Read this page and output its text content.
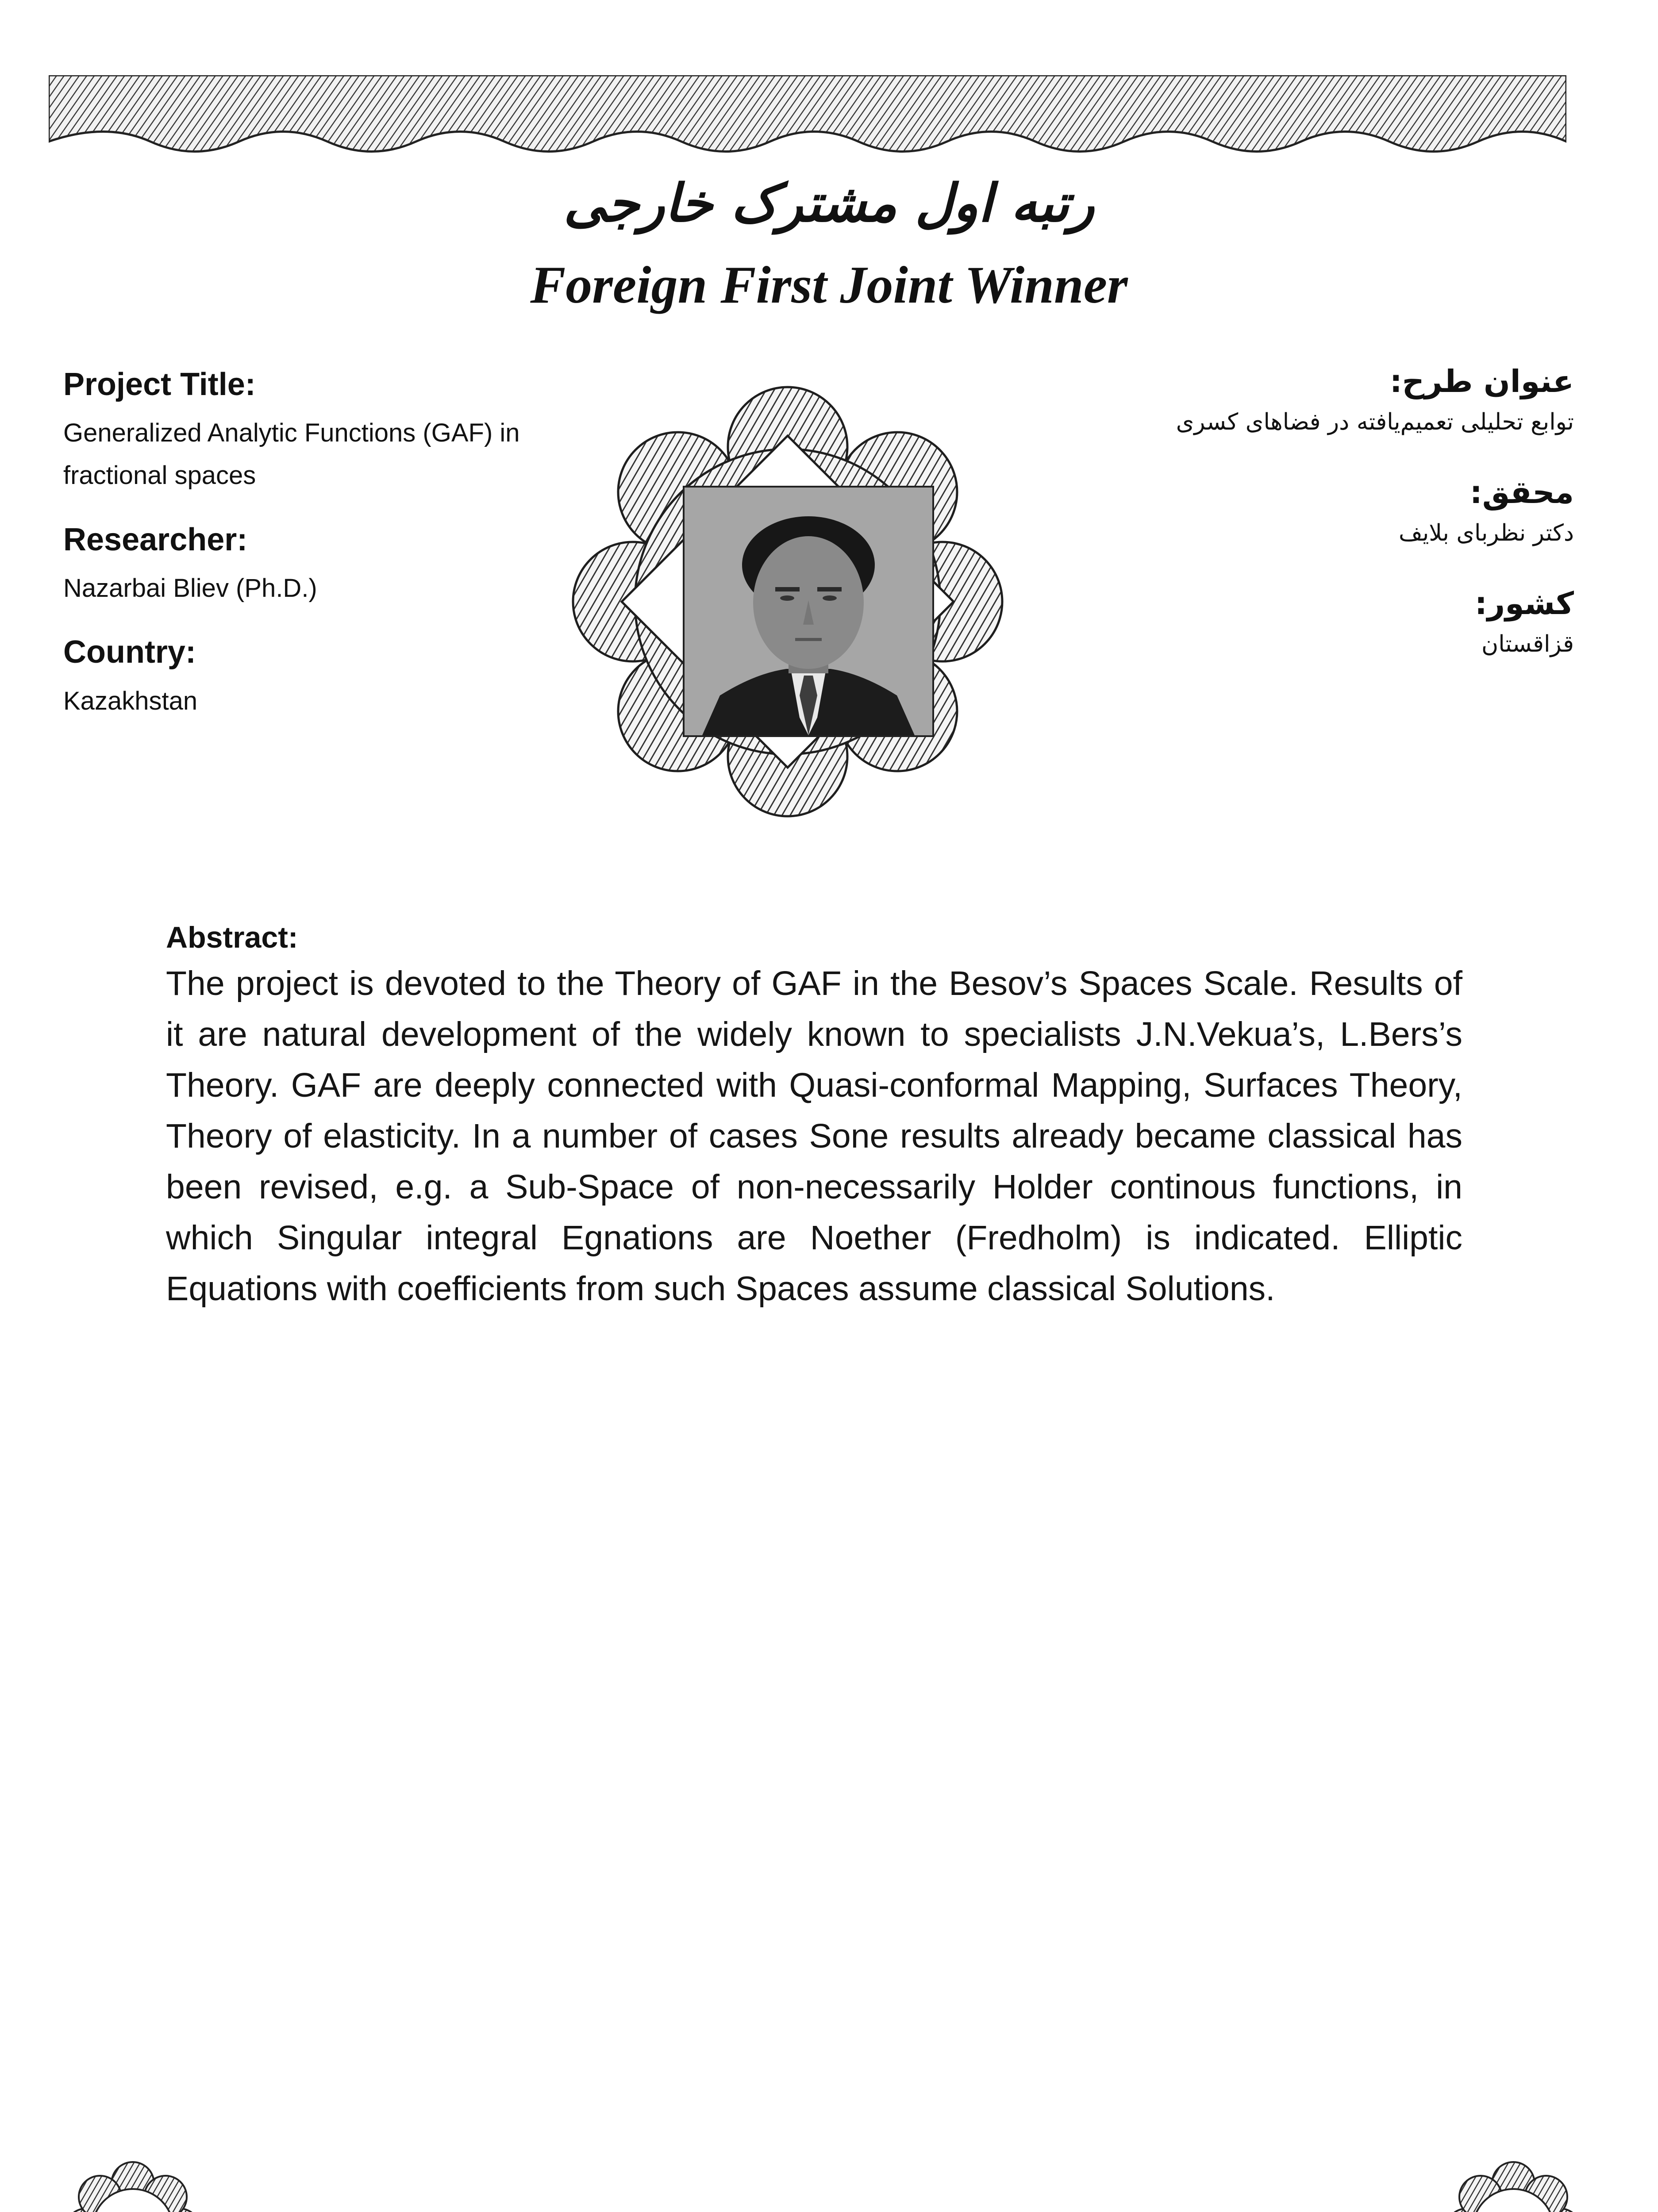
رتبه اول مشترک خارجی
Foreign First Joint Winner

Project Title:

Generalized Analytic Functions (GAF) in fractional spaces

Researcher:

Nazarbai Bliev (Ph.D.)

Country:

Kazakhstan

عنوان طرح:

توابع تحلیلی تعمیم‌یافته در فضاهای کسری

محقق:

دکتر نظربای بلایف

کشور:

قزاقستان

Abstract:

The project is devoted to the Theory of GAF in the Besov’s Spaces Scale. Results of it are natural development of the widely known to specialists J.N.Vekua’s, L.Bers’s Theory. GAF are deeply connected with Quasi-conformal Mapping, Surfaces Theory, Theory of elasticity. In a number of cases Sone results already became classical has been revised, e.g. a Sub-Space of non-necessarily Holder continous functions, in which Singular integral Egnations are Noether (Fredholm) is indicated. Elliptic Equations with coefficients from such Spaces assume classical Solutions.
